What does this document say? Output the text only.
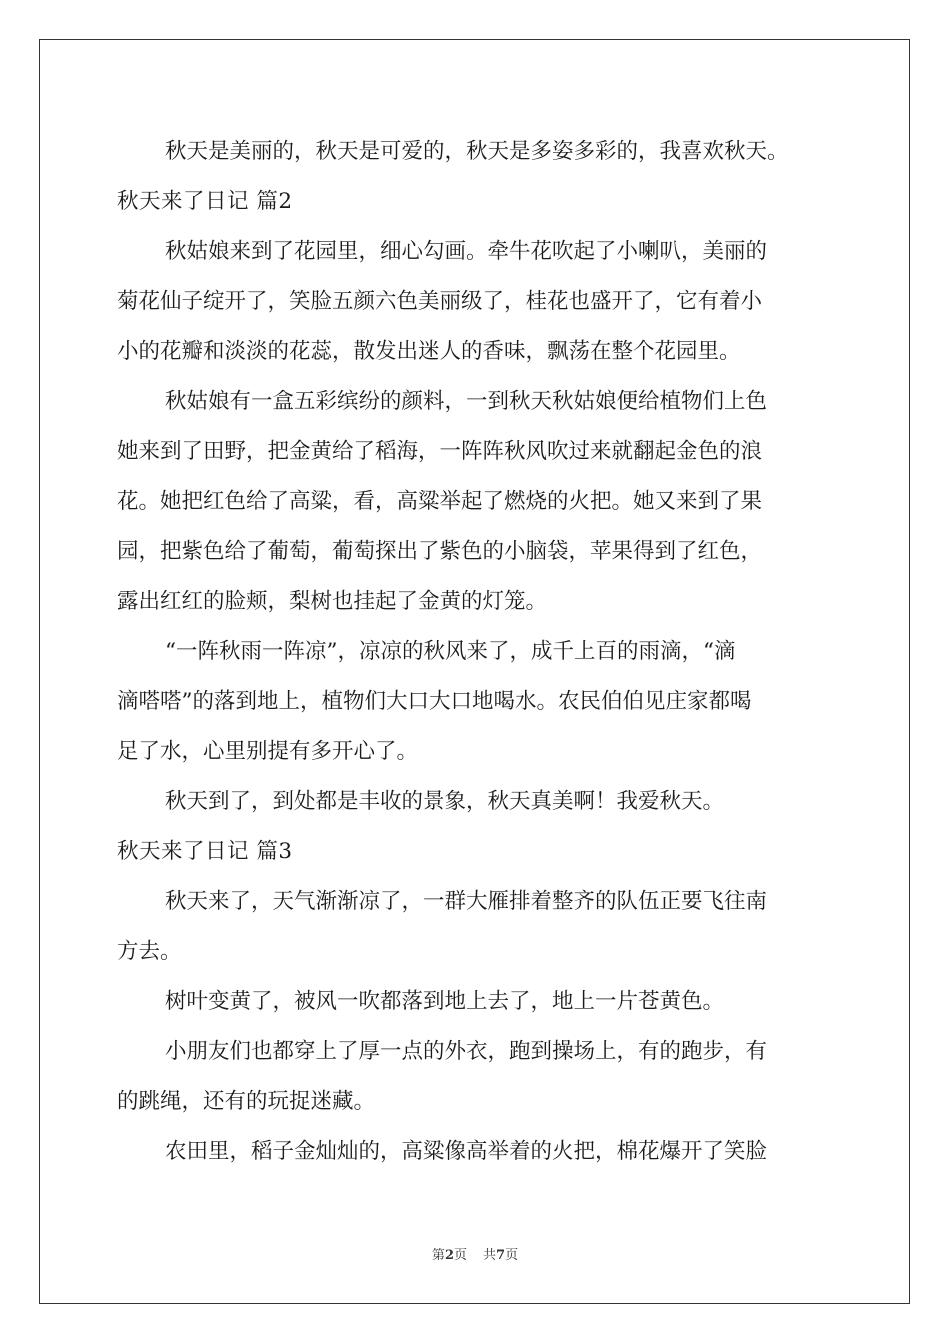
秋天是美丽的，秋天是可爱的，秋天是多姿多彩的，我喜欢秋天。
秋天来了日记 篇2
秋姑娘来到了花园里，细心勾画。牵牛花吹起了小喇叭，美丽的
菊花仙子绽开了，笑脸五颜六色美丽级了，桂花也盛开了，它有着小
小的花瓣和淡淡的花蕊，散发出迷人的香味，飘荡在整个花园里。
秋姑娘有一盒五彩缤纷的颜料，一到秋天秋姑娘便给植物们上色
她来到了田野，把金黄给了稻海，一阵阵秋风吹过来就翻起金色的浪
花。她把红色给了高粱，看，高粱举起了燃烧的火把。她又来到了果
园，把紫色给了葡萄，葡萄探出了紫色的小脑袋，苹果得到了红色，
露出红红的脸颊，梨树也挂起了金黄的灯笼。
“一阵秋雨一阵凉”，凉凉的秋风来了，成千上百的雨滴，“滴
滴嗒嗒”的落到地上，植物们大口大口地喝水。农民伯伯见庄家都喝
足了水，心里别提有多开心了。
秋天到了，到处都是丰收的景象，秋天真美啊！我爱秋天。
秋天来了日记 篇3
秋天来了，天气渐渐凉了，一群大雁排着整齐的队伍正要飞往南
方去。
树叶变黄了，被风一吹都落到地上去了，地上一片苍黄色。
小朋友们也都穿上了厚一点的外衣，跑到操场上，有的跑步，有
的跳绳，还有的玩捉迷藏。
农田里，稻子金灿灿的，高粱像高举着的火把，棉花爆开了笑脸
第2页 共7页
